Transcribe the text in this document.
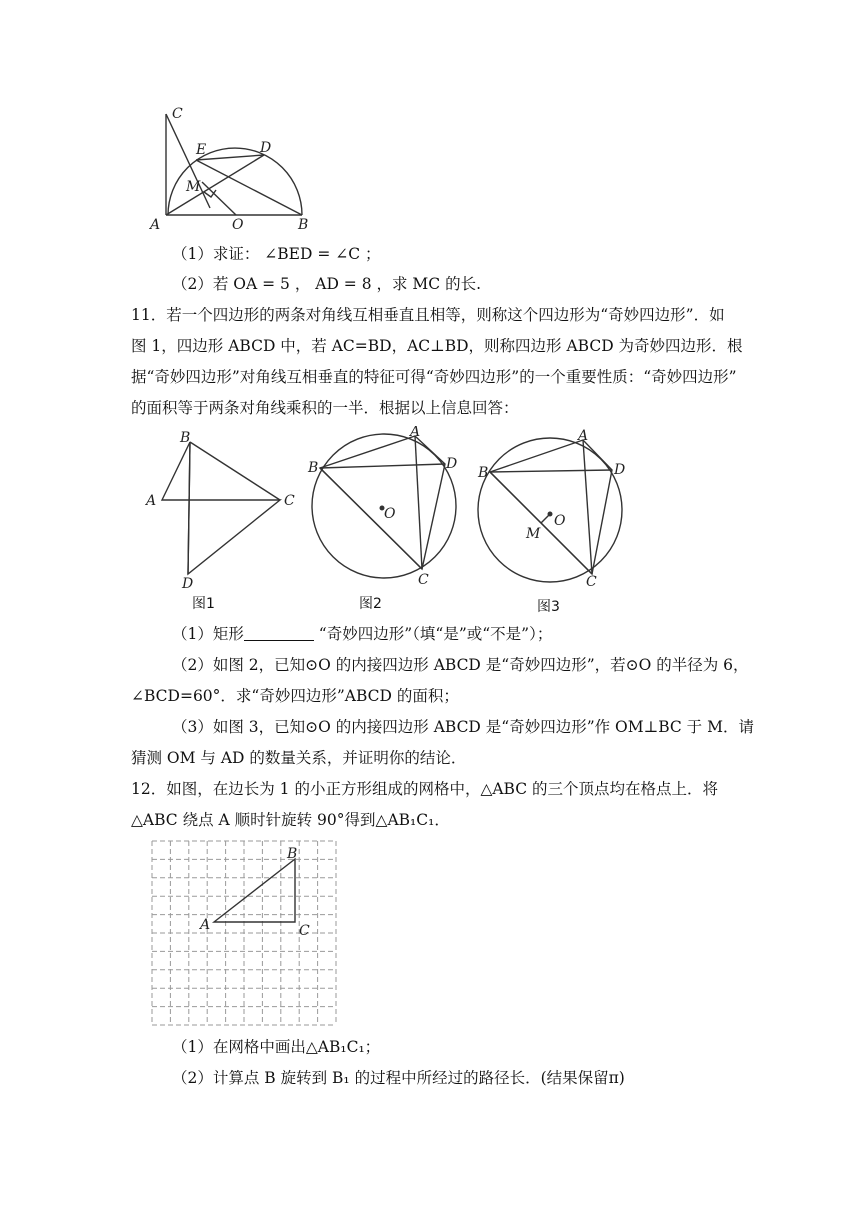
C
E	D
M
A	O	B
（1）求证： ∠BED = ∠C ；
（2）若 OA = 5 ， AD = 8 ，求 MC 的长.
11．若一个四边形的两条对角线互相垂直且相等，则称这个四边形为“奇妙四边形”．如
图 1，四边形 ABCD 中，若 AC=BD，AC⊥BD，则称四边形 ABCD 为奇妙四边形．根
据“奇妙四边形”对角线互相垂直的特征可得“奇妙四边形”的一个重要性质：“奇妙四边形”
的面积等于两条对角线乘积的一半．根据以上信息回答：
B
A	C
D
图1
A
B	D
C
O
图2
A
B	D
C
O
M
图3
（1）矩形	“奇妙四边形”（填“是”或“不是”）；
（2）如图 2，已知⊙O 的内接四边形 ABCD 是“奇妙四边形”，若⊙O 的半径为 6，
∠BCD=60°．求“奇妙四边形”ABCD 的面积；
（3）如图 3，已知⊙O 的内接四边形 ABCD 是“奇妙四边形”作 OM⊥BC 于 M．请
猜测 OM 与 AD 的数量关系，并证明你的结论．
12．如图，在边长为 1 的小正方形组成的网格中，△ABC 的三个顶点均在格点上．将
△ABC 绕点 A 顺时针旋转 90°得到△AB₁C₁．
B
A	C
（1）在网格中画出△AB₁C₁；
（2）计算点 B 旋转到 B₁ 的过程中所经过的路径长．(结果保留π)
